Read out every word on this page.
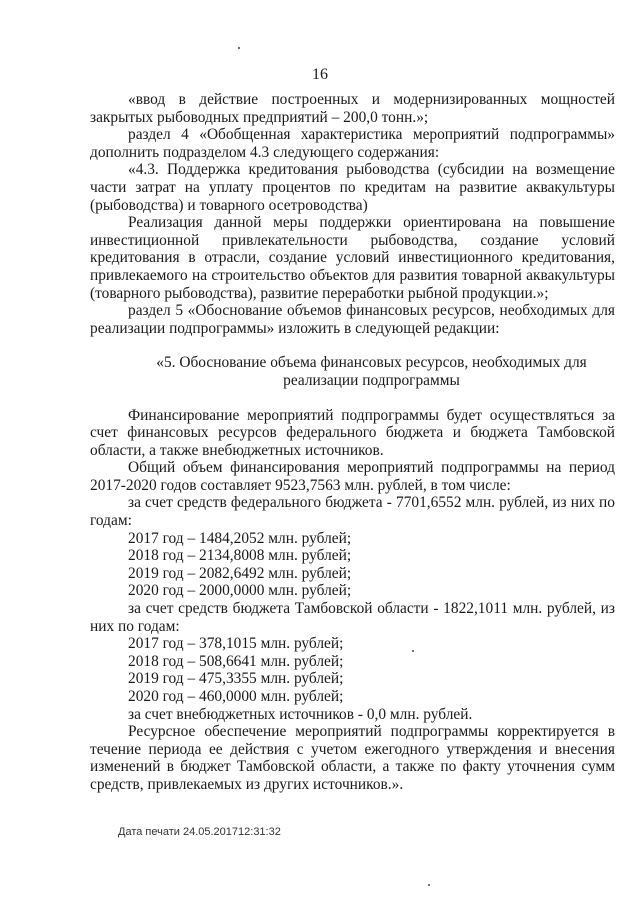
16

«ввод в действие построенных и модернизированных мощностей закрытых рыбоводных предприятий – 200,0 тонн.»;

раздел 4 «Обобщенная характеристика мероприятий подпрограммы» дополнить подразделом 4.3 следующего содержания:

«4.3. Поддержка кредитования рыбоводства (субсидии на возмещение части затрат на уплату процентов по кредитам на развитие аквакультуры (рыбоводства) и товарного осетроводства)

Реализация данной меры поддержки ориентирована на повышение инвестиционной привлекательности рыбоводства, создание условий кредитования в отрасли, создание условий инвестиционного кредитования, привлекаемого на строительство объектов для развития товарной аквакультуры (товарного рыбоводства), развитие переработки рыбной продукции.»;

раздел 5 «Обоснование объемов финансовых ресурсов, необходимых для реализации подпрограммы» изложить в следующей редакции:

«5. Обоснование объема финансовых ресурсов, необходимых для реализации подпрограммы

Финансирование мероприятий подпрограммы будет осуществляться за счет финансовых ресурсов федерального бюджета и бюджета Тамбовской области, а также внебюджетных источников.

Общий объем финансирования мероприятий подпрограммы на период 2017-2020 годов составляет 9523,7563 млн. рублей, в том числе:

за счет средств федерального бюджета - 7701,6552 млн. рублей, из них по годам:

2017 год – 1484,2052 млн. рублей;

2018 год – 2134,8008 млн. рублей;

2019 год – 2082,6492 млн. рублей;

2020 год – 2000,0000 млн. рублей;

за счет средств бюджета Тамбовской области - 1822,1011 млн. рублей, из них по годам:

2017 год – 378,1015 млн. рублей;

2018 год – 508,6641 млн. рублей;

2019 год – 475,3355 млн. рублей;

2020 год – 460,0000 млн. рублей;

за счет внебюджетных источников - 0,0 млн. рублей.

Ресурсное обеспечение мероприятий подпрограммы корректируется в течение периода ее действия с учетом ежегодного утверждения и внесения изменений в бюджет Тамбовской области, а также по факту уточнения сумм средств, привлекаемых из других источников.».

Дата печати 24.05.201712:31:32
